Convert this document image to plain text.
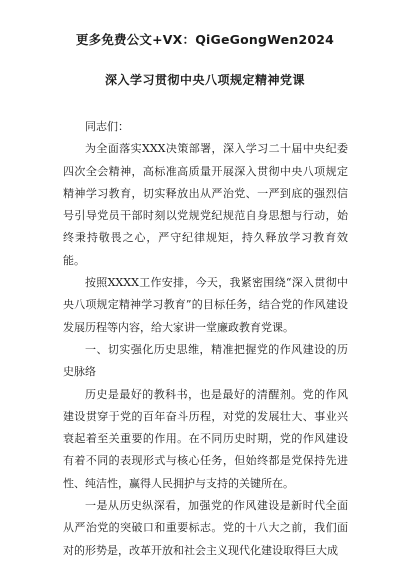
更多免费公文+VX：QiGeGongWen2024
深入学习贯彻中央八项规定精神党课

同志们：

为全面落实XXX决策部署，深入学习二十届中央纪委四次全会精神，高标准高质量开展深入贯彻中央八项规定精神学习教育，切实释放出从严治党、一严到底的强烈信号引导党员干部时刻以党规党纪规范自身思想与行动，始终秉持敬畏之心，严守纪律规矩，持久释放学习教育效能。

按照XXXX工作安排，今天，我紧密围绕“深入贯彻中央八项规定精神学习教育”的目标任务，结合党的作风建设发展历程等内容，给大家讲一堂廉政教育党课。

一、切实强化历史思维，精准把握党的作风建设的历史脉络

历史是最好的教科书，也是最好的清醒剂。党的作风建设贯穿于党的百年奋斗历程，对党的发展壮大、事业兴衰起着至关重要的作用。在不同历史时期，党的作风建设有着不同的表现形式与核心任务，但始终都是党保持先进性、纯洁性，赢得人民拥护与支持的关键所在。

一是从历史纵深看，加强党的作风建设是新时代全面从严治党的突破口和重要标志。党的十八大之前，我们面对的形势是，改革开放和社会主义现代化建设取得巨大成
